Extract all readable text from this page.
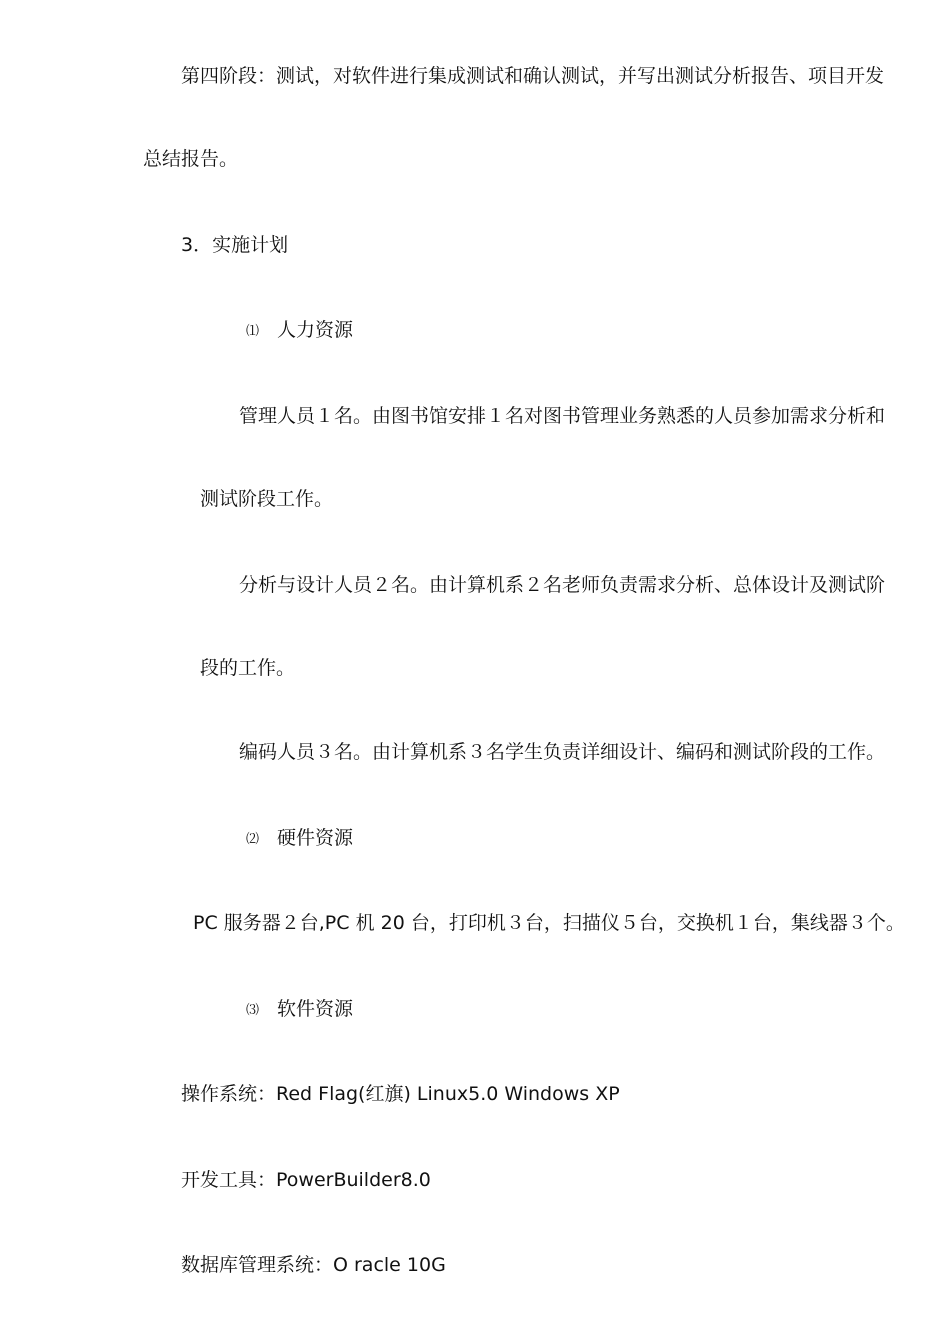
第四阶段：测试，对软件进行集成测试和确认测试，并写出测试分析报告、项目开发
总结报告。
3．实施计划
⑴ 人力资源
管理人员１名。由图书馆安排１名对图书管理业务熟悉的人员参加需求分析和
测试阶段工作。
分析与设计人员２名。由计算机系２名老师负责需求分析、总体设计及测试阶
段的工作。
编码人员３名。由计算机系３名学生负责详细设计、编码和测试阶段的工作。
⑵ 硬件资源
PC 服务器２台,PC 机 20 台，打印机３台，扫描仪５台，交换机１台，集线器３个。
⑶ 软件资源
操作系统：Red Flag(红旗) Linux5.0 Windows XP
开发工具：PowerBuilder8.0
数据库管理系统：O racle 10G
